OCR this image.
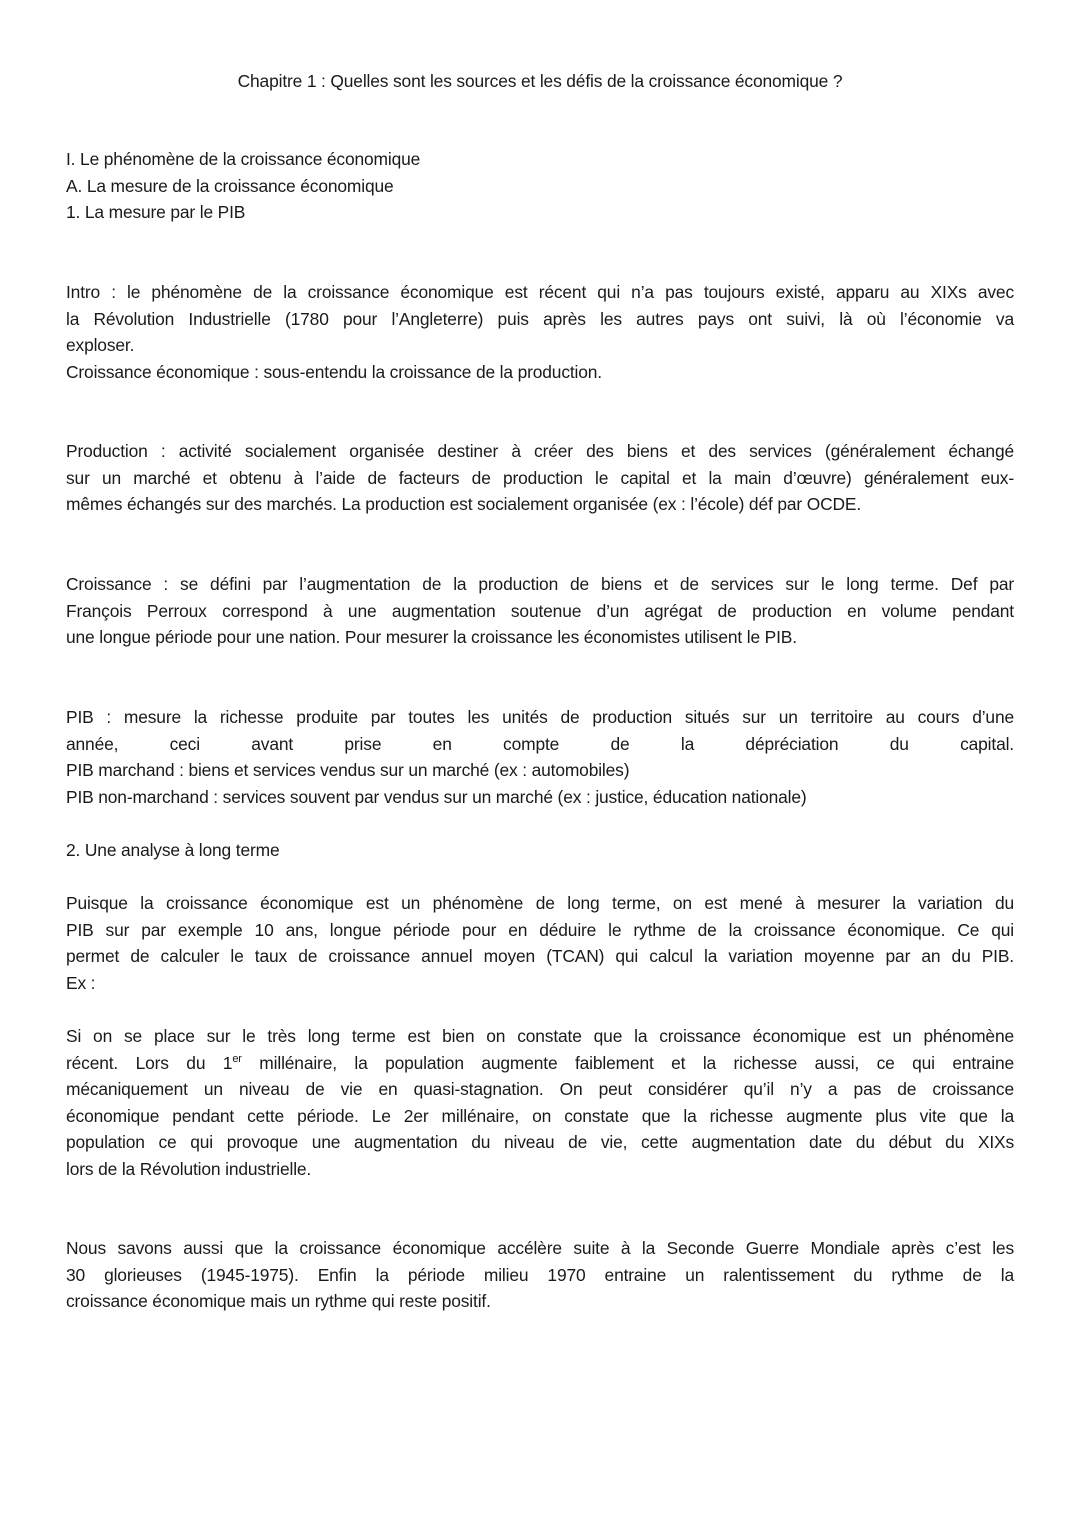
Chapitre 1 : Quelles sont les sources et les défis de la croissance économique ?
I. Le phénomène de la croissance économique
A. La mesure de la croissance économique
1. La mesure par le PIB
Intro : le phénomène de la croissance économique est récent qui n’a pas toujours existé, apparu au XIXs avec
la Révolution Industrielle (1780 pour l’Angleterre) puis après les autres pays ont suivi, là où l’économie va
exploser.
Croissance économique : sous-entendu la croissance de la production.
Production : activité socialement organisée destiner à créer des biens et des services (généralement échangé
sur un marché et obtenu à l’aide de facteurs de production le capital et la main d’œuvre) généralement eux-
mêmes échangés sur des marchés. La production est socialement organisée (ex : l’école) déf par OCDE.
Croissance : se défini par l’augmentation de la production de biens et de services sur le long terme. Def par
François Perroux correspond à une augmentation soutenue d’un agrégat de production en volume pendant
une longue période pour une nation. Pour mesurer la croissance les économistes utilisent le PIB.
PIB : mesure la richesse produite par toutes les unités de production situés sur un territoire au cours d’une
année, ceci avant prise en compte de la dépréciation du capital.
PIB marchand : biens et services vendus sur un marché (ex : automobiles)
PIB non-marchand : services souvent par vendus sur un marché (ex : justice, éducation nationale)
2. Une analyse à long terme
Puisque la croissance économique est un phénomène de long terme, on est mené à mesurer la variation du
PIB sur par exemple 10 ans, longue période pour en déduire le rythme de la croissance économique. Ce qui
permet de calculer le taux de croissance annuel moyen (TCAN) qui calcul la variation moyenne par an du PIB.
Ex :
Si on se place sur le très long terme est bien on constate que la croissance économique est un phénomène
récent. Lors du 1er millénaire, la population augmente faiblement et la richesse aussi, ce qui entraine
mécaniquement un niveau de vie en quasi-stagnation. On peut considérer qu’il n’y a pas de croissance
économique pendant cette période. Le 2er millénaire, on constate que la richesse augmente plus vite que la
population ce qui provoque une augmentation du niveau de vie, cette augmentation date du début du XIXs
lors de la Révolution industrielle.
Nous savons aussi que la croissance économique accélère suite à la Seconde Guerre Mondiale après c’est les
30 glorieuses (1945-1975). Enfin la période milieu 1970 entraine un ralentissement du rythme de la
croissance économique mais un rythme qui reste positif.
